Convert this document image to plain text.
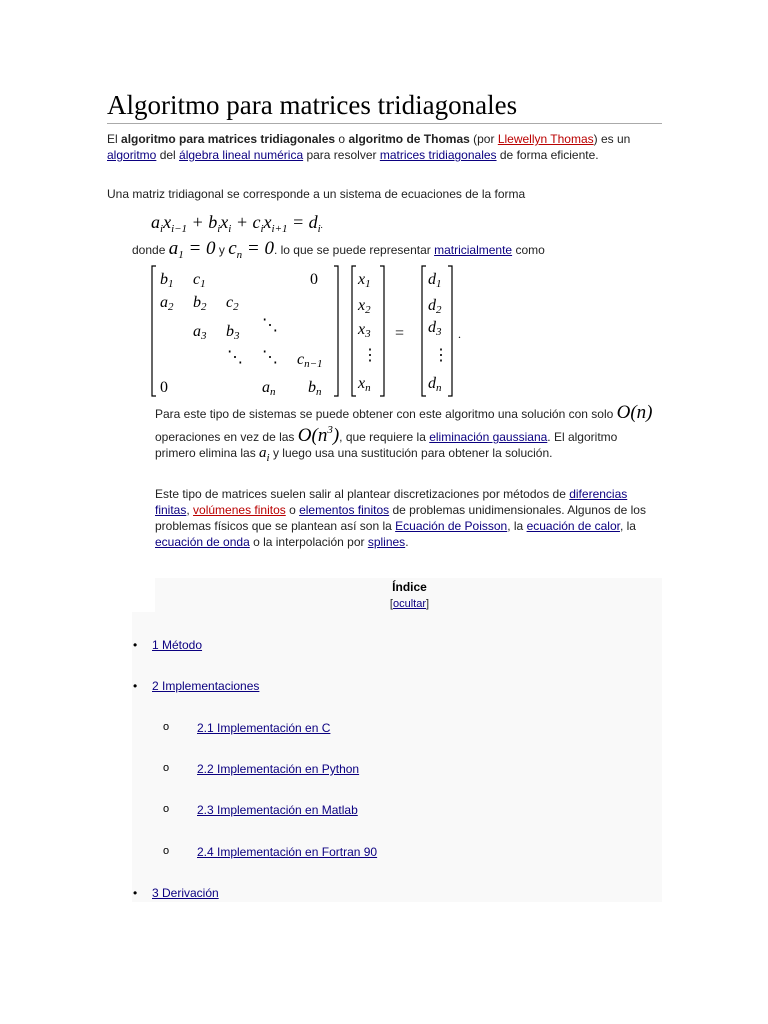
Algoritmo para matrices tridiagonales

El algoritmo para matrices tridiagonales o algoritmo de Thomas (por Llewellyn Thomas) es un algoritmo del álgebra lineal numérica para resolver matrices tridiagonales de forma eficiente.

Una matriz tridiagonal se corresponde a un sistema de ecuaciones de la forma

$a_ix_{i-1} + b_ix_i + c_ix_{i+1} = d_i$.

donde $a_1 = 0$ y $c_n = 0$. lo que se puede representar matricialmente como

b1 c1	0
a2 b2 c2
a3 b3
⋱
⋱ ⋱ cn−1
0	an bn
x1
x2
x3
⋮
xn
=
d1
d2
d3
⋮
dn
.

Para este tipo de sistemas se puede obtener con este algoritmo una solución con solo O(n) operaciones en vez de las $O(n^3)$, que requiere la eliminación gaussiana. El algoritmo primero elimina las $a_i$ y luego usa una sustitución para obtener la solución.

Este tipo de matrices suelen salir al plantear discretizaciones por métodos de diferencias finitas, volúmenes finitos o elementos finitos de problemas unidimensionales. Algunos de los problemas físicos que se plantean así son la Ecuación de Poisson, la ecuación de calor, la ecuación de onda o la interpolación por splines.

Índice
[ocultar]
• 1 Método
• 2 Implementaciones
o 2.1 Implementación en C
o 2.2 Implementación en Python
o 2.3 Implementación en Matlab
o 2.4 Implementación en Fortran 90
• 3 Derivación
